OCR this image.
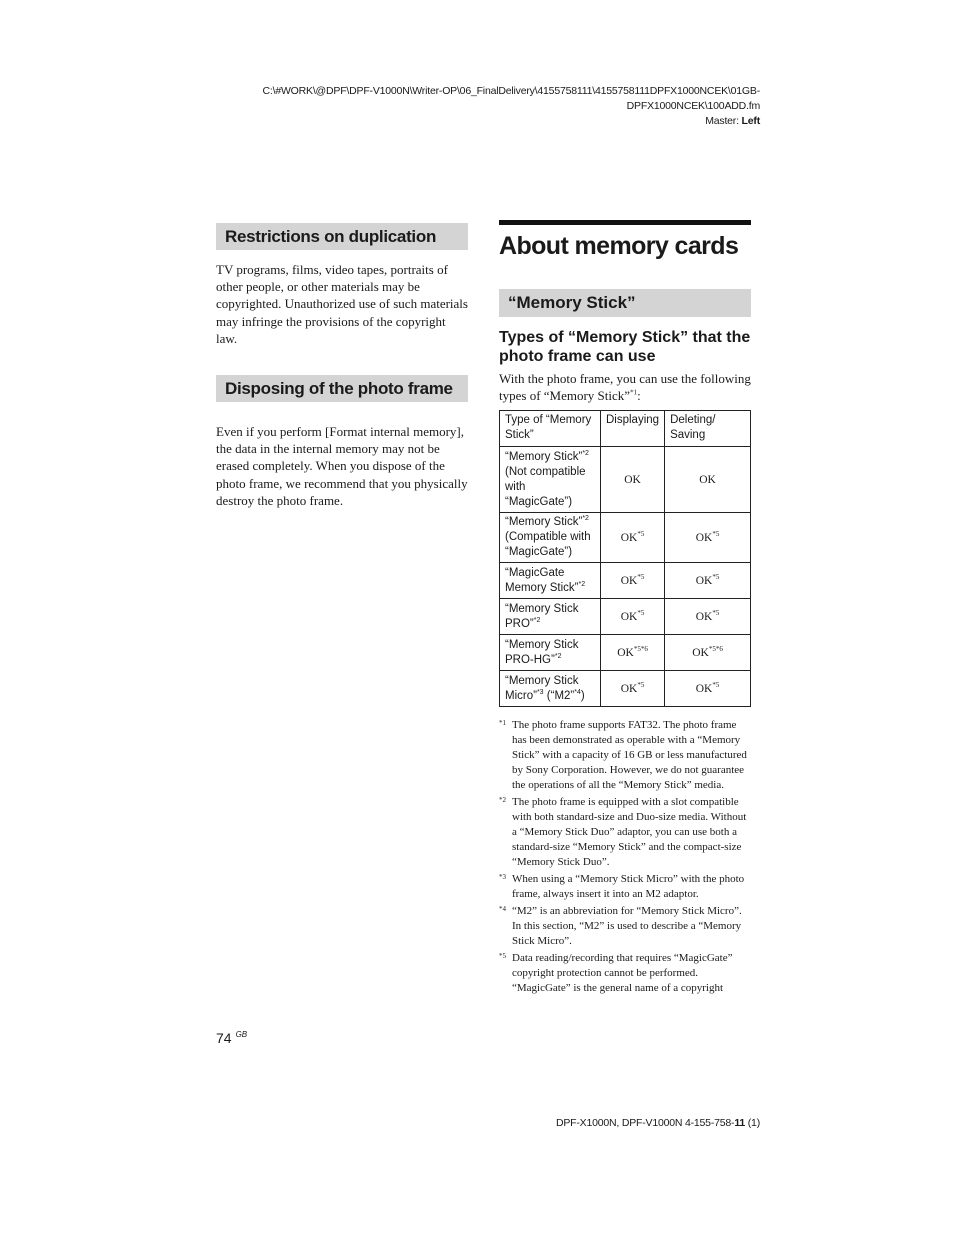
C:\#WORK\@DPF\DPF-V1000N\Writer-OP\06_FinalDelivery\4155758111\4155758111DPFX1000NCEK\01GB-
DPFX1000NCEK\100ADD.fm
Master: Left
Restrictions on duplication

TV programs, films, video tapes, portraits of other people, or other materials may be copyrighted. Unauthorized use of such materials may infringe the provisions of the copyright law.

Disposing of the photo frame

Even if you perform [Format internal memory], the data in the internal memory may not be erased completely. When you dispose of the photo frame, we recommend that you physically destroy the photo frame.

About memory cards
“Memory Stick”
Types of “Memory Stick” that the photo frame can use

With the photo frame, you can use the following types of “Memory Stick”$^{*1}$:

Type of “Memory Stick”	Displaying	Deleting/ Saving
“Memory Stick”$^{*2}$ (Not compatible with “MagicGate”)	OK	OK
“Memory Stick”$^{*2}$ (Compatible with “MagicGate”)	OK$^{*5}$	OK$^{*5}$
“MagicGate Memory Stick”$^{*2}$	OK$^{*5}$	OK$^{*5}$
“Memory Stick PRO”$^{*2}$	OK$^{*5}$	OK$^{*5}$
“Memory Stick PRO-HG”$^{*2}$	$OK^{*5*6}$	$OK^{*5*6}$
“Memory Stick Micro”$^{*3}$ (“M2”$^{*4}$)	OK$^{*5}$	OK$^{*5}$
*1 The photo frame supports FAT32. The photo frame has been demonstrated as operable with a “Memory Stick” with a capacity of 16 GB or less manufactured by Sony Corporation. However, we do not guarantee the operations of all the “Memory Stick” media.
*2 The photo frame is equipped with a slot compatible with both standard-size and Duo-size media. Without a “Memory Stick Duo” adaptor, you can use both a standard-size “Memory Stick” and the compact-size “Memory Stick Duo”.
*3 When using a “Memory Stick Micro” with the photo frame, always insert it into an M2 adaptor.
*4 “M2” is an abbreviation for “Memory Stick Micro”. In this section, “M2” is used to describe a “Memory Stick Micro”.
*5 Data reading/recording that requires “MagicGate” copyright protection cannot be performed. “MagicGate” is the general name of a copyright
74 $^{GB}$
DPF-X1000N, DPF-V1000N 4-155-758-11 (1)
